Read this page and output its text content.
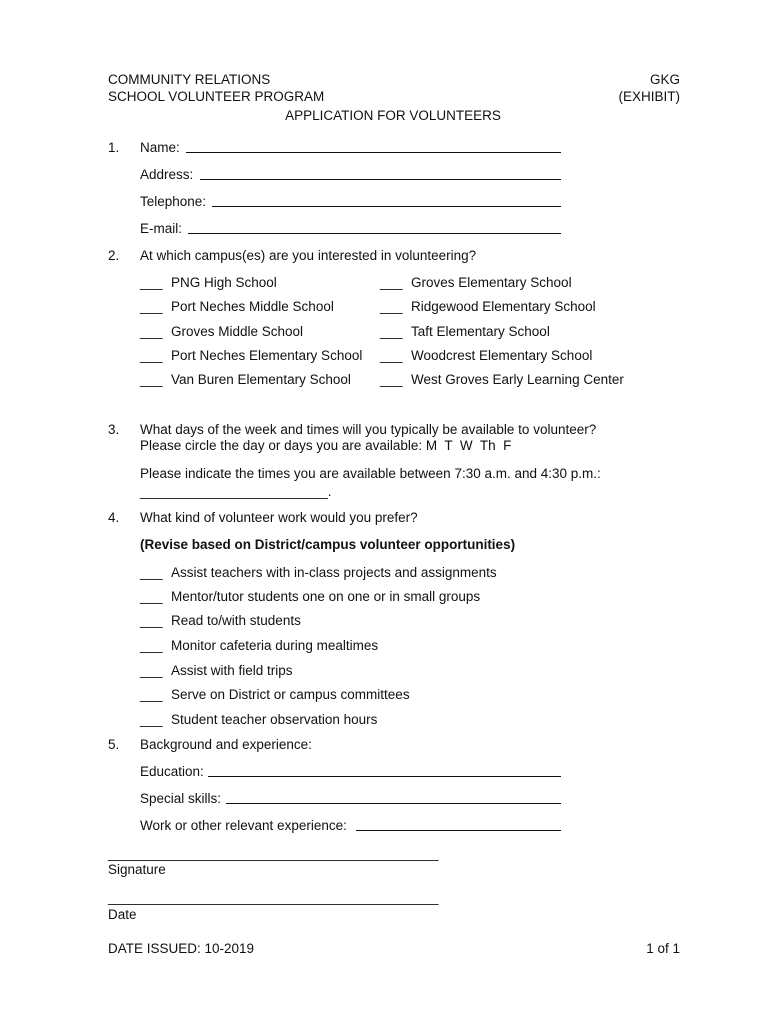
COMMUNITY RELATIONS
SCHOOL VOLUNTEER PROGRAM
GKG
(EXHIBIT)
APPLICATION FOR VOLUNTEERS
1. Name:
Address:
Telephone:
E-mail:
2. At which campus(es) are you interested in volunteering?
___ PNG High School	___ Groves Elementary School
___ Port Neches Middle School	___ Ridgewood Elementary School
___ Groves Middle School	___ Taft Elementary School
___ Port Neches Elementary School ___ Woodcrest Elementary School
___ Van Buren Elementary School ___ West Groves Early Learning Center
3. What days of the week and times will you typically be available to volunteer?
Please circle the day or days you are available: M  T  W  Th  F
Please indicate the times you are available between 7:30 a.m. and 4:30 p.m.:
_________________________.
4. What kind of volunteer work would you prefer?
(Revise based on District/campus volunteer opportunities)
___ Assist teachers with in-class projects and assignments
___ Mentor/tutor students one on one or in small groups
___ Read to/with students
___ Monitor cafeteria during mealtimes
___ Assist with field trips
___ Serve on District or campus committees
___ Student teacher observation hours
5. Background and experience:
Education:
Special skills:
Work or other relevant experience:
____________________________________________
Signature
____________________________________________
Date
DATE ISSUED: 10-2019	1 of 1
